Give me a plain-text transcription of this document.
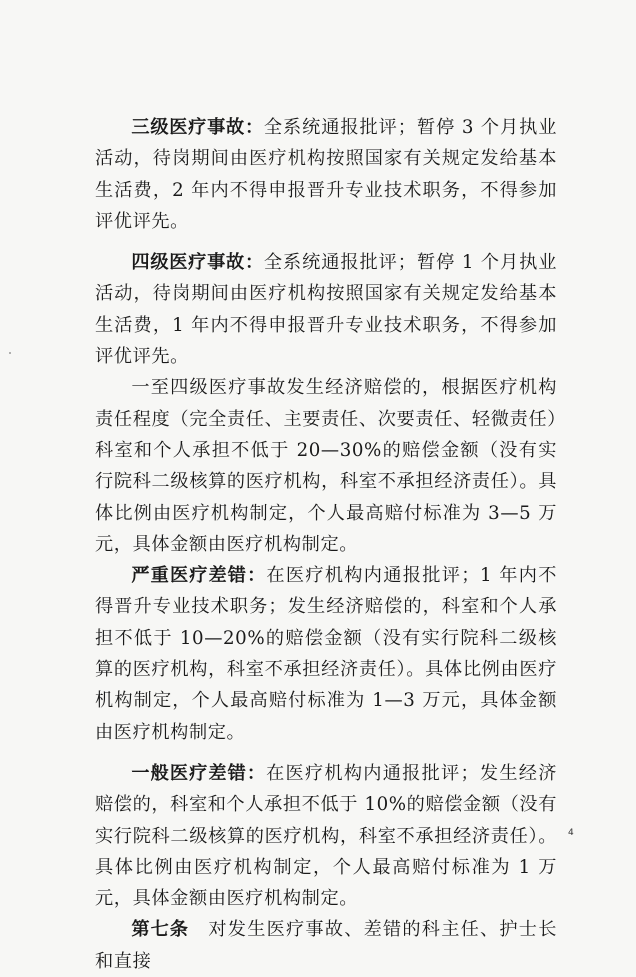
三级医疗事故：全系统通报批评；暂停 3 个月执业活动，待岗期间由医疗机构按照国家有关规定发给基本生活费，2 年内不得申报晋升专业技术职务，不得参加评优评先。

四级医疗事故：全系统通报批评；暂停 1 个月执业活动，待岗期间由医疗机构按照国家有关规定发给基本生活费，1 年内不得申报晋升专业技术职务，不得参加评优评先。

一至四级医疗事故发生经济赔偿的，根据医疗机构责任程度（完全责任、主要责任、次要责任、轻微责任）科室和个人承担不低于 20—30%的赔偿金额（没有实行院科二级核算的医疗机构，科室不承担经济责任）。具体比例由医疗机构制定，个人最高赔付标准为 3—5 万元，具体金额由医疗机构制定。

严重医疗差错：在医疗机构内通报批评；1 年内不得晋升专业技术职务；发生经济赔偿的，科室和个人承担不低于 10—20%的赔偿金额（没有实行院科二级核算的医疗机构，科室不承担经济责任）。具体比例由医疗机构制定，个人最高赔付标准为 1—3 万元，具体金额由医疗机构制定。

一般医疗差错：在医疗机构内通报批评；发生经济赔偿的，科室和个人承担不低于 10%的赔偿金额（没有实行院科二级核算的医疗机构，科室不承担经济责任）。具体比例由医疗机构制定，个人最高赔付标准为 1 万元，具体金额由医疗机构制定。

第七条　对发生医疗事故、差错的科主任、护士长和直接

4
